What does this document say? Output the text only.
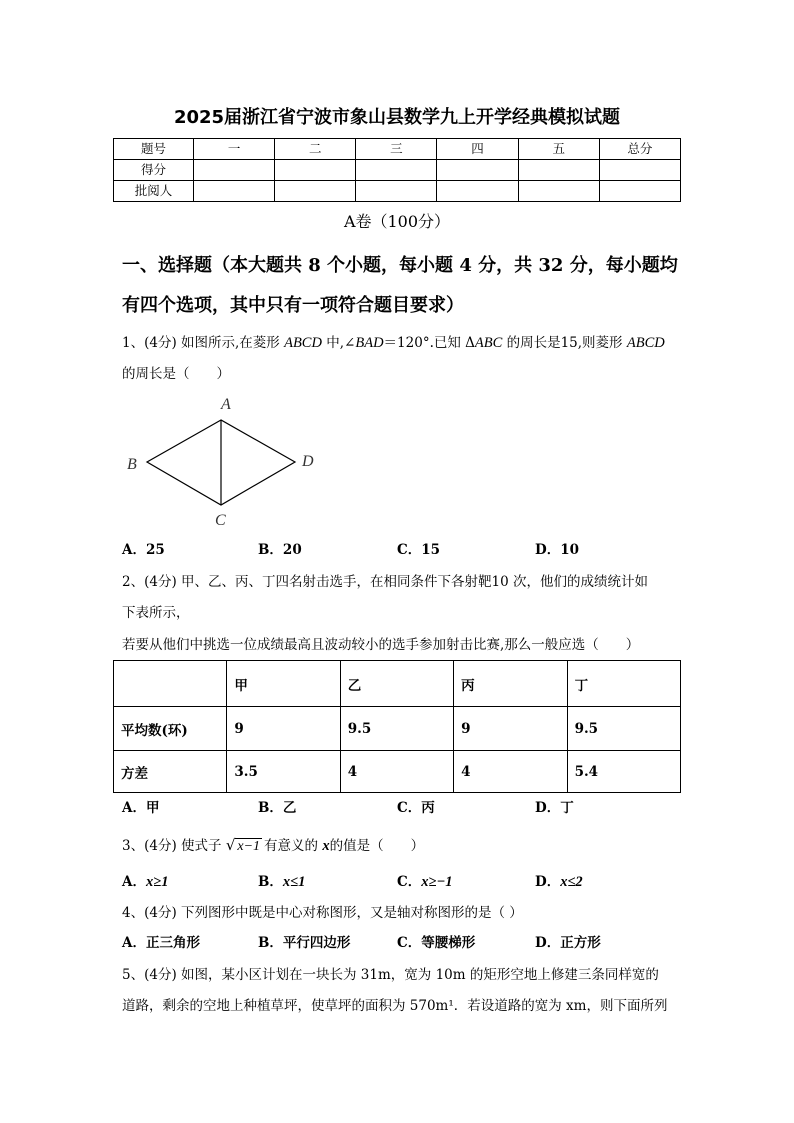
2025届浙江省宁波市象山县数学九上开学经典模拟试题
题号	一	二	三	四	五	总分
得分						
批阅人						
A卷（100分）
一、选择题（本大题共 8 个小题，每小题 4 分，共 32 分，每小题均
有四个选项，其中只有一项符合题目要求）
1、(4分) 如图所示,在菱形 ABCD 中,∠BAD＝120°.已知 ΔABC 的周长是15,则菱形 ABCD
的周长是（　　）
A
B	D
C
A．25	B．20	C．15	D．10
2、(4分) 甲、乙、丙、丁四名射击选手，在相同条件下各射靶10 次，他们的成绩统计如
下表所示，
若要从他们中挑选一位成绩最高且波动较小的选手参加射击比赛,那么一般应选（　　）
	甲	乙	丙	丁
平均数(环)	9	9.5	9	9.5
方差	3.5	4	4	5.4
A．甲	B．乙	C．丙	D．丁
3、(4分) 使式子 √ x−1 有意义的 x的值是（　　）
A．x≥1	B．x≤1	C．x≥−1	D．x≤2
4、(4分) 下列图形中既是中心对称图形，又是轴对称图形的是（ ）
A．正三角形	B．平行四边形	C．等腰梯形	D．正方形
5、(4分) 如图，某小区计划在一块长为 31m，宽为 10m 的矩形空地上修建三条同样宽的
道路，剩余的空地上种植草坪，使草坪的面积为 570m¹．若设道路的宽为 xm，则下面所列
